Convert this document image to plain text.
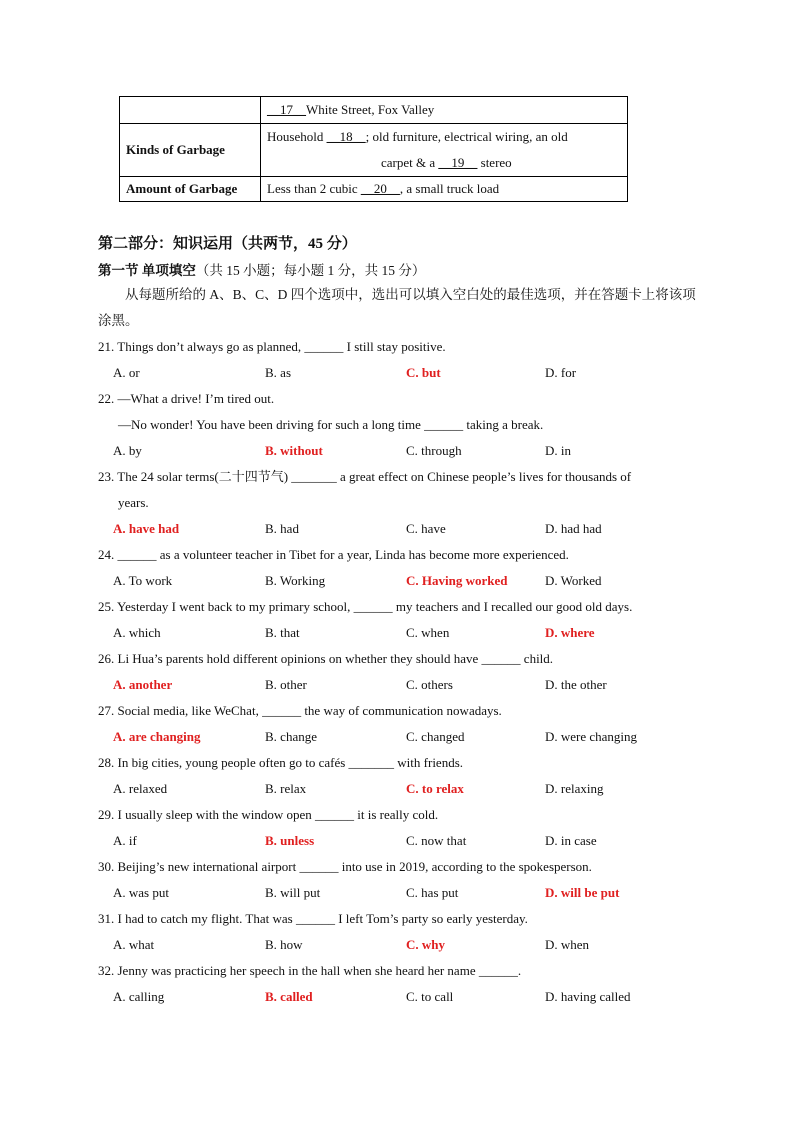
	__17__White Street, Fox Valley
Kinds of Garbage	Household __18__; old furniture, electrical wiring, an old
carpet & a __19__ stereo

Amount of Garbage	Less than 2 cubic __20__, a small truck load
第二部分：知识运用（共两节，45 分）
第一节 单项填空（共 15 小题；每小题 1 分，共 15 分）
从每题所给的 A、B、C、D 四个选项中，选出可以填入空白处的最佳选项，并在答题卡上将该项涂黑。
21. Things don’t always go as planned, ______ I still stay positive.
A. or	B. as	C. but	D. for
22. —What a drive! I’m tired out.
—No wonder! You have been driving for such a long time ______ taking a break.
A. by	B. without	C. through	D. in
23. The 24 solar terms(二十四节气) _______ a great effect on Chinese people’s lives for thousands of
years.
A. have had	B. had	C. have	D. had had
24. ______ as a volunteer teacher in Tibet for a year, Linda has become more experienced.
A. To work	B. Working	C. Having worked	D. Worked
25. Yesterday I went back to my primary school, ______ my teachers and I recalled our good old days.
A. which	B. that	C. when	D. where
26. Li Hua’s parents hold different opinions on whether they should have ______ child.
A. another	B. other	C. others	D. the other
27. Social media, like WeChat, ______ the way of communication nowadays.
A. are changing	B. change	C. changed	D. were changing
28. In big cities, young people often go to cafés _______ with friends.
A. relaxed	B. relax	C. to relax	D. relaxing
29. I usually sleep with the window open ______ it is really cold.
A. if	B. unless	C. now that	D. in case
30. Beijing’s new international airport ______ into use in 2019, according to the spokesperson.
A. was put	B. will put	C. has put	D. will be put
31. I had to catch my flight. That was ______ I left Tom’s party so early yesterday.
A. what	B. how	C. why	D. when
32. Jenny was practicing her speech in the hall when she heard her name ______.
A. calling	B. called	C. to call	D. having called
